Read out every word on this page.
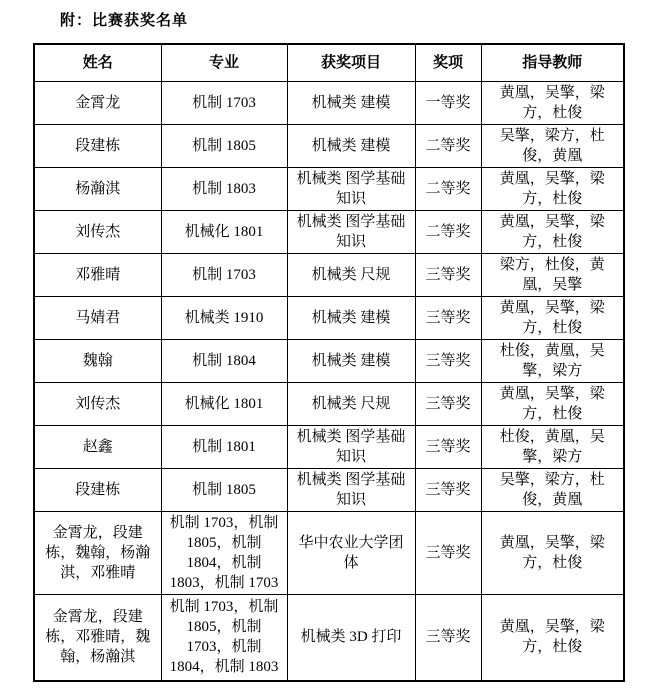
附：比赛获奖名单
姓名	专业	获奖项目	奖项	指导教师
金霄龙	机制 1703	机械类 建模	一等奖	黄凰，吴擎，梁方，杜俊
段建栋	机制 1805	机械类 建模	二等奖	吴擎，梁方，杜俊，黄凰
杨瀚淇	机制 1803	机械类 图学基础知识	二等奖	黄凰，吴擎，梁方，杜俊
刘传杰	机械化 1801	机械类 图学基础知识	二等奖	黄凰，吴擎，梁方，杜俊
邓雅晴	机制 1703	机械类 尺规	三等奖	梁方，杜俊，黄凰，吴擎
马婧君	机械类 1910	机械类 建模	三等奖	黄凰，吴擎，梁方，杜俊
魏翰	机制 1804	机械类 建模	三等奖	杜俊，黄凰，吴擎，梁方
刘传杰	机械化 1801	机械类 尺规	三等奖	黄凰，吴擎，梁方，杜俊
赵鑫	机制 1801	机械类 图学基础知识	三等奖	杜俊，黄凰，吴擎，梁方
段建栋	机制 1805	机械类 图学基础知识	三等奖	吴擎，梁方，杜俊，黄凰
金霄龙，段建栋，魏翰，杨瀚淇，邓雅晴	机制 1703，机制 1805，机制 1804，机制 1803，机制 1703	华中农业大学团体	三等奖	黄凰，吴擎，梁方，杜俊
金霄龙，段建栋，邓雅晴，魏翰，杨瀚淇	机制 1703，机制 1805，机制 1703，机制 1804，机制 1803	机械类 3D 打印	三等奖	黄凰，吴擎，梁方，杜俊
